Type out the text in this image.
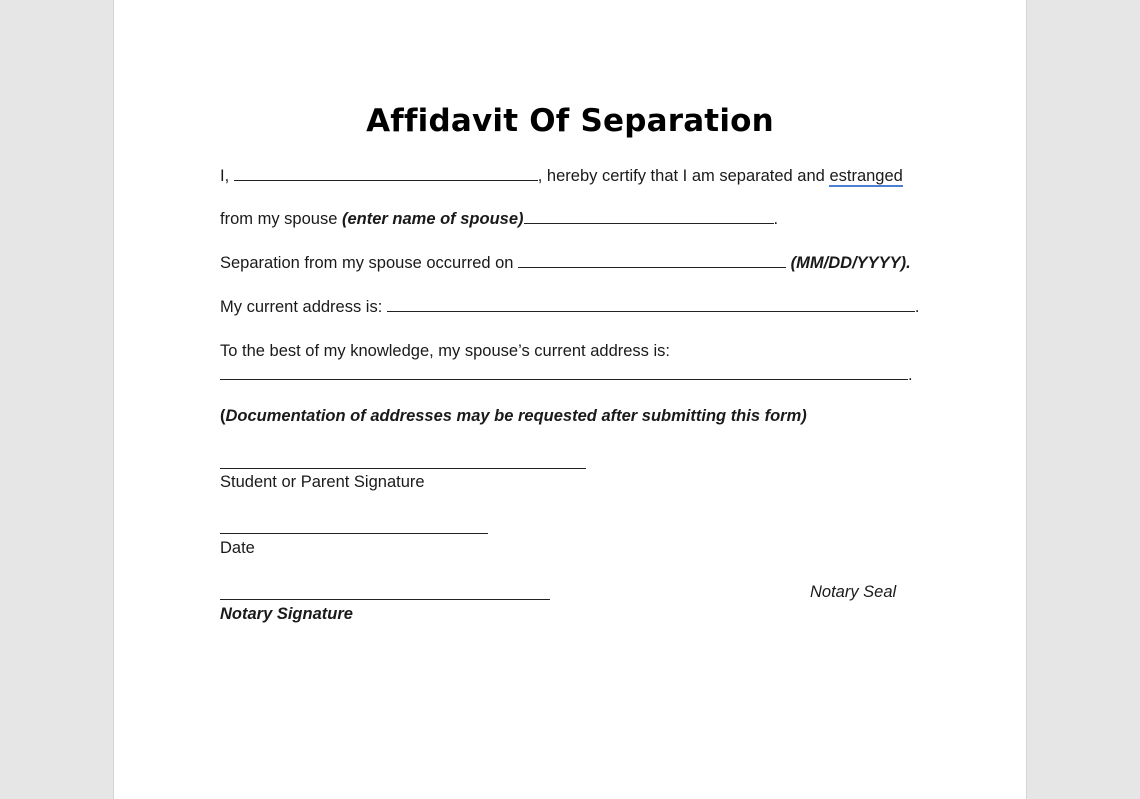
Affidavit Of Separation
I,	, hereby certify that I am separated and estranged
from my spouse (enter name of spouse)	.
Separation from my spouse occurred on	(MM/DD/YYYY).
My current address is:	.
To the best of my knowledge, my spouse’s current address is:
.
(Documentation of addresses may be requested after submitting this form)
Student or Parent Signature
Date
Notary Seal
Notary Signature
